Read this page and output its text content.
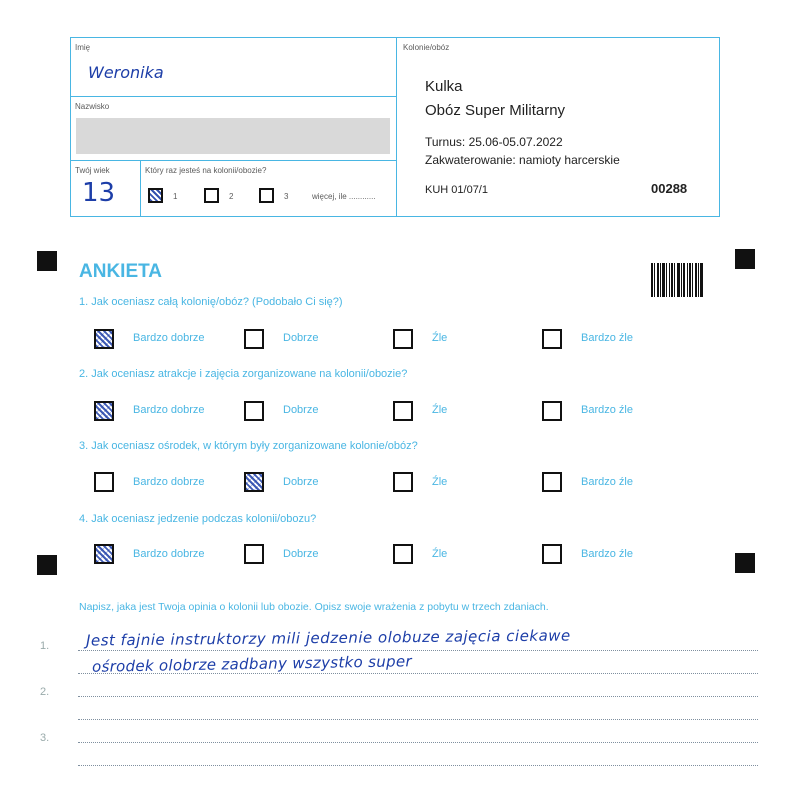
Imię
Weronika
Nazwisko
Twój wiek
13
Który raz jesteś na kolonii/obozie?
1	2	3	więcej, ile ............
Kolonie/obóz
Kulka
Obóz Super Militarny
Turnus: 25.06-05.07.2022
Zakwaterowanie: namioty harcerskie
KUH 01/07/1	00288
ANKIETA
1. Jak oceniasz całą kolonię/obóz? (Podobało Ci się?)
2. Jak oceniasz atrakcje i zajęcia zorganizowane na kolonii/obozie?
3. Jak oceniasz ośrodek, w którym były zorganizowane kolonie/obóz?
4. Jak oceniasz jedzenie podczas kolonii/obozu?
Bardzo dobrze	Dobrze	Źle	Bardzo źle
Bardzo dobrze	Dobrze	Źle	Bardzo źle
Bardzo dobrze	Dobrze	Źle	Bardzo źle
Bardzo dobrze	Dobrze	Źle	Bardzo źle
Napisz, jaka jest Twoja opinia o kolonii lub obozie. Opisz swoje wrażenia z pobytu w trzech zdaniach.
1.
2.
3.
Jest fajnie instruktorzy mili jedzenie olobuze zajęcia ciekawe
ośrodek olobrze zadbany wszystko super
